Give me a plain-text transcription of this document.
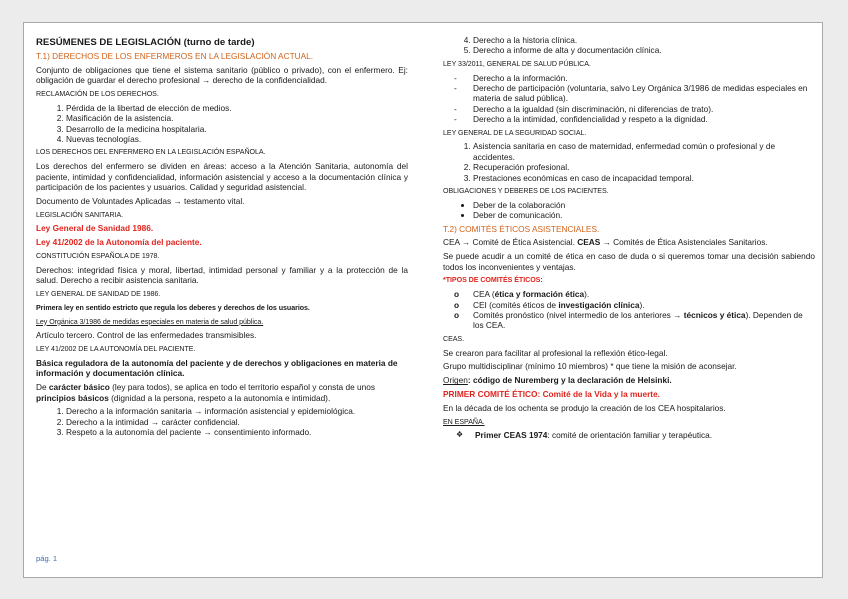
RESÚMENES DE LEGISLACIÓN (turno de tarde)

T.1) DERECHOS DE LOS ENFERMEROS EN LA LEGISLACIÓN ACTUAL.

Conjunto de obligaciones que tiene el sistema sanitario (público o privado), con el enfermero. Ej: obligación de guardar el derecho profesional → derecho de la confidencialidad.

RECLAMACIÓN DE LOS DERECHOS.

1. Pérdida de la libertad de elección de medios.
2. Masificación de la asistencia.
3. Desarrollo de la medicina hospitalaria.
4. Nuevas tecnologías.

LOS DERECHOS DEL ENFERMERO EN LA LEGISLACIÓN ESPAÑOLA.

Los derechos del enfermero se dividen en áreas: acceso a la Atención Sanitaria, autonomía del paciente, intimidad y confidencialidad, información asistencial y acceso a la documentación clínica y participación de los pacientes y usuarios. Calidad y seguridad asistencial.

Documento de Voluntades Aplicadas → testamento vital.

LEGISLACIÓN SANITARIA.

Ley General de Sanidad 1986.

Ley 41/2002 de la Autonomía del paciente.

CONSTITUCIÓN ESPAÑOLA DE 1978.

Derechos: integridad física y moral, libertad, intimidad personal y familiar y a la protección de la salud. Derecho a recibir asistencia sanitaria.

LEY GENERAL DE SANIDAD DE 1986.

Primera ley en sentido estricto que regula los deberes y derechos de los usuarios.

Ley Orgánica 3/1986 de medidas especiales en materia de salud pública.

Artículo tercero. Control de las enfermedades transmisibles.

LEY 41/2002 DE LA AUTONOMÍA DEL PACIENTE.

Básica reguladora de la autonomía del paciente y de derechos y obligaciones en materia de información y documentación clínica.

De carácter básico (ley para todos), se aplica en todo el territorio español y consta de unos principios básicos (dignidad a la persona, respeto a la autonomía e intimidad).

1. Derecho a la información sanitaria → información asistencial y epidemiológica.
2. Derecho a la intimidad → carácter confidencial.
3. Respeto a la autonomía del paciente → consentimiento informado.
pág. 1
4. Derecho a la historia clínica.
5. Derecho a informe de alta y documentación clínica.

LEY 33/2011, GENERAL DE SALUD PÚBLICA.

- Derecho a la información.
- Derecho de participación (voluntaria, salvo Ley Orgánica 3/1986 de medidas especiales en materia de salud pública).
- Derecho a la igualdad (sin discriminación, ni diferencias de trato).
- Derecho a la intimidad, confidencialidad y respeto a la dignidad.

LEY GENERAL DE LA SEGURIDAD SOCIAL.

1. Asistencia sanitaria en caso de maternidad, enfermedad común o profesional y de accidentes.
2. Recuperación profesional.
3. Prestaciones económicas en caso de incapacidad temporal.

OBLIGACIONES Y DEBERES DE LOS PACIENTES.

• Deber de la colaboración
• Deber de comunicación.

T.2) COMITÉS ÉTICOS ASISTENCIALES.

CEA → Comité de Ética Asistencial. CEAS → Comités de Ética Asistenciales Sanitarios.

Se puede acudir a un comité de ética en caso de duda o si queremos tomar una decisión sabiendo todos los inconvenientes y ventajas.

*TIPOS DE COMITÉS ÉTICOS:

o CEA (ética y formación ética).
o CEI (comités éticos de investigación clínica).
o Comités pronóstico (nivel intermedio de los anteriores → técnicos y ética). Dependen de los CEA.

CEAS.

Se crearon para facilitar al profesional la reflexión ético-legal.

Grupo multidisciplinar (mínimo 10 miembros) * que tiene la misión de aconsejar.

Origen: código de Nuremberg y la declaración de Helsinki.

PRIMER COMITÉ ÉTICO: Comité de la Vida y la muerte.

En la década de los ochenta se produjo la creación de los CEA hospitalarios.

EN ESPAÑA.

❖ Primer CEAS 1974: comité de orientación familiar y terapéutica.
